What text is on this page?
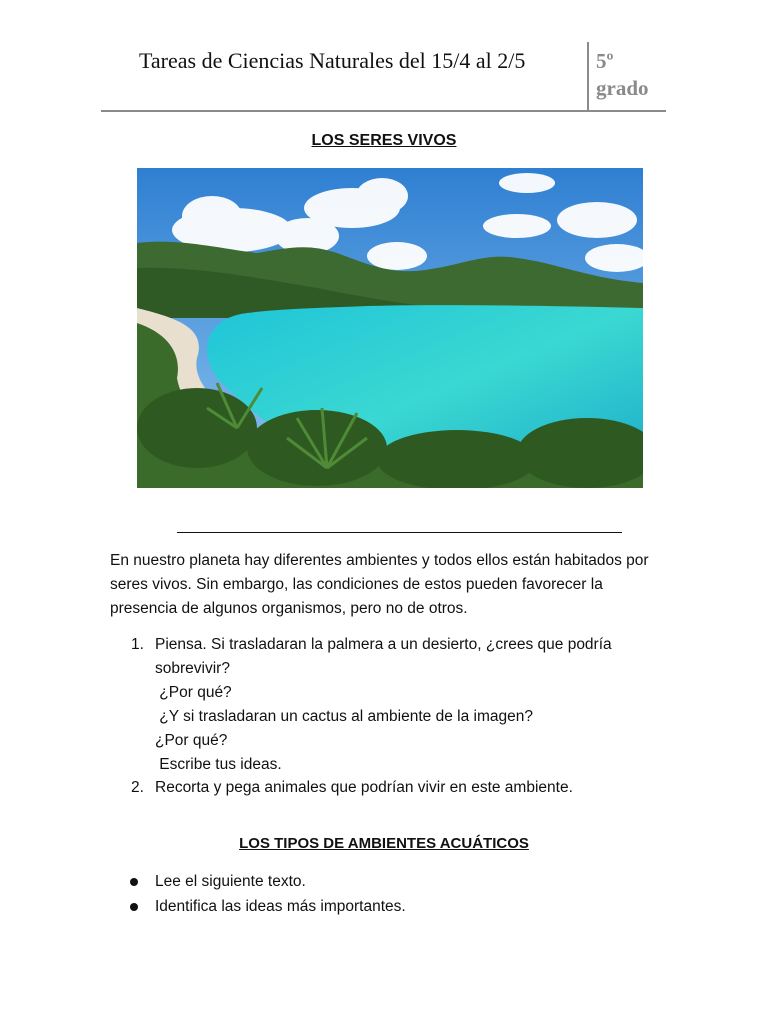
Tareas de Ciencias Naturales del 15/4 al 2/5	5º
grado
LOS SERES VIVOS
En nuestro planeta hay diferentes ambientes y todos ellos están habitados por seres vivos. Sin embargo, las condiciones de estos pueden favorecer la presencia de algunos organismos, pero no de otros.
1. Piensa. Si trasladaran la palmera a un desierto, ¿crees que podría
sobrevivir?
¿Por qué?
¿Y si trasladaran un cactus al ambiente de la imagen?
¿Por qué?
Escribe tus ideas.
2. Recorta y pega animales que podrían vivir en este ambiente.
LOS TIPOS DE AMBIENTES ACUÁTICOS
Lee el siguiente texto.
Identifica las ideas más importantes.
